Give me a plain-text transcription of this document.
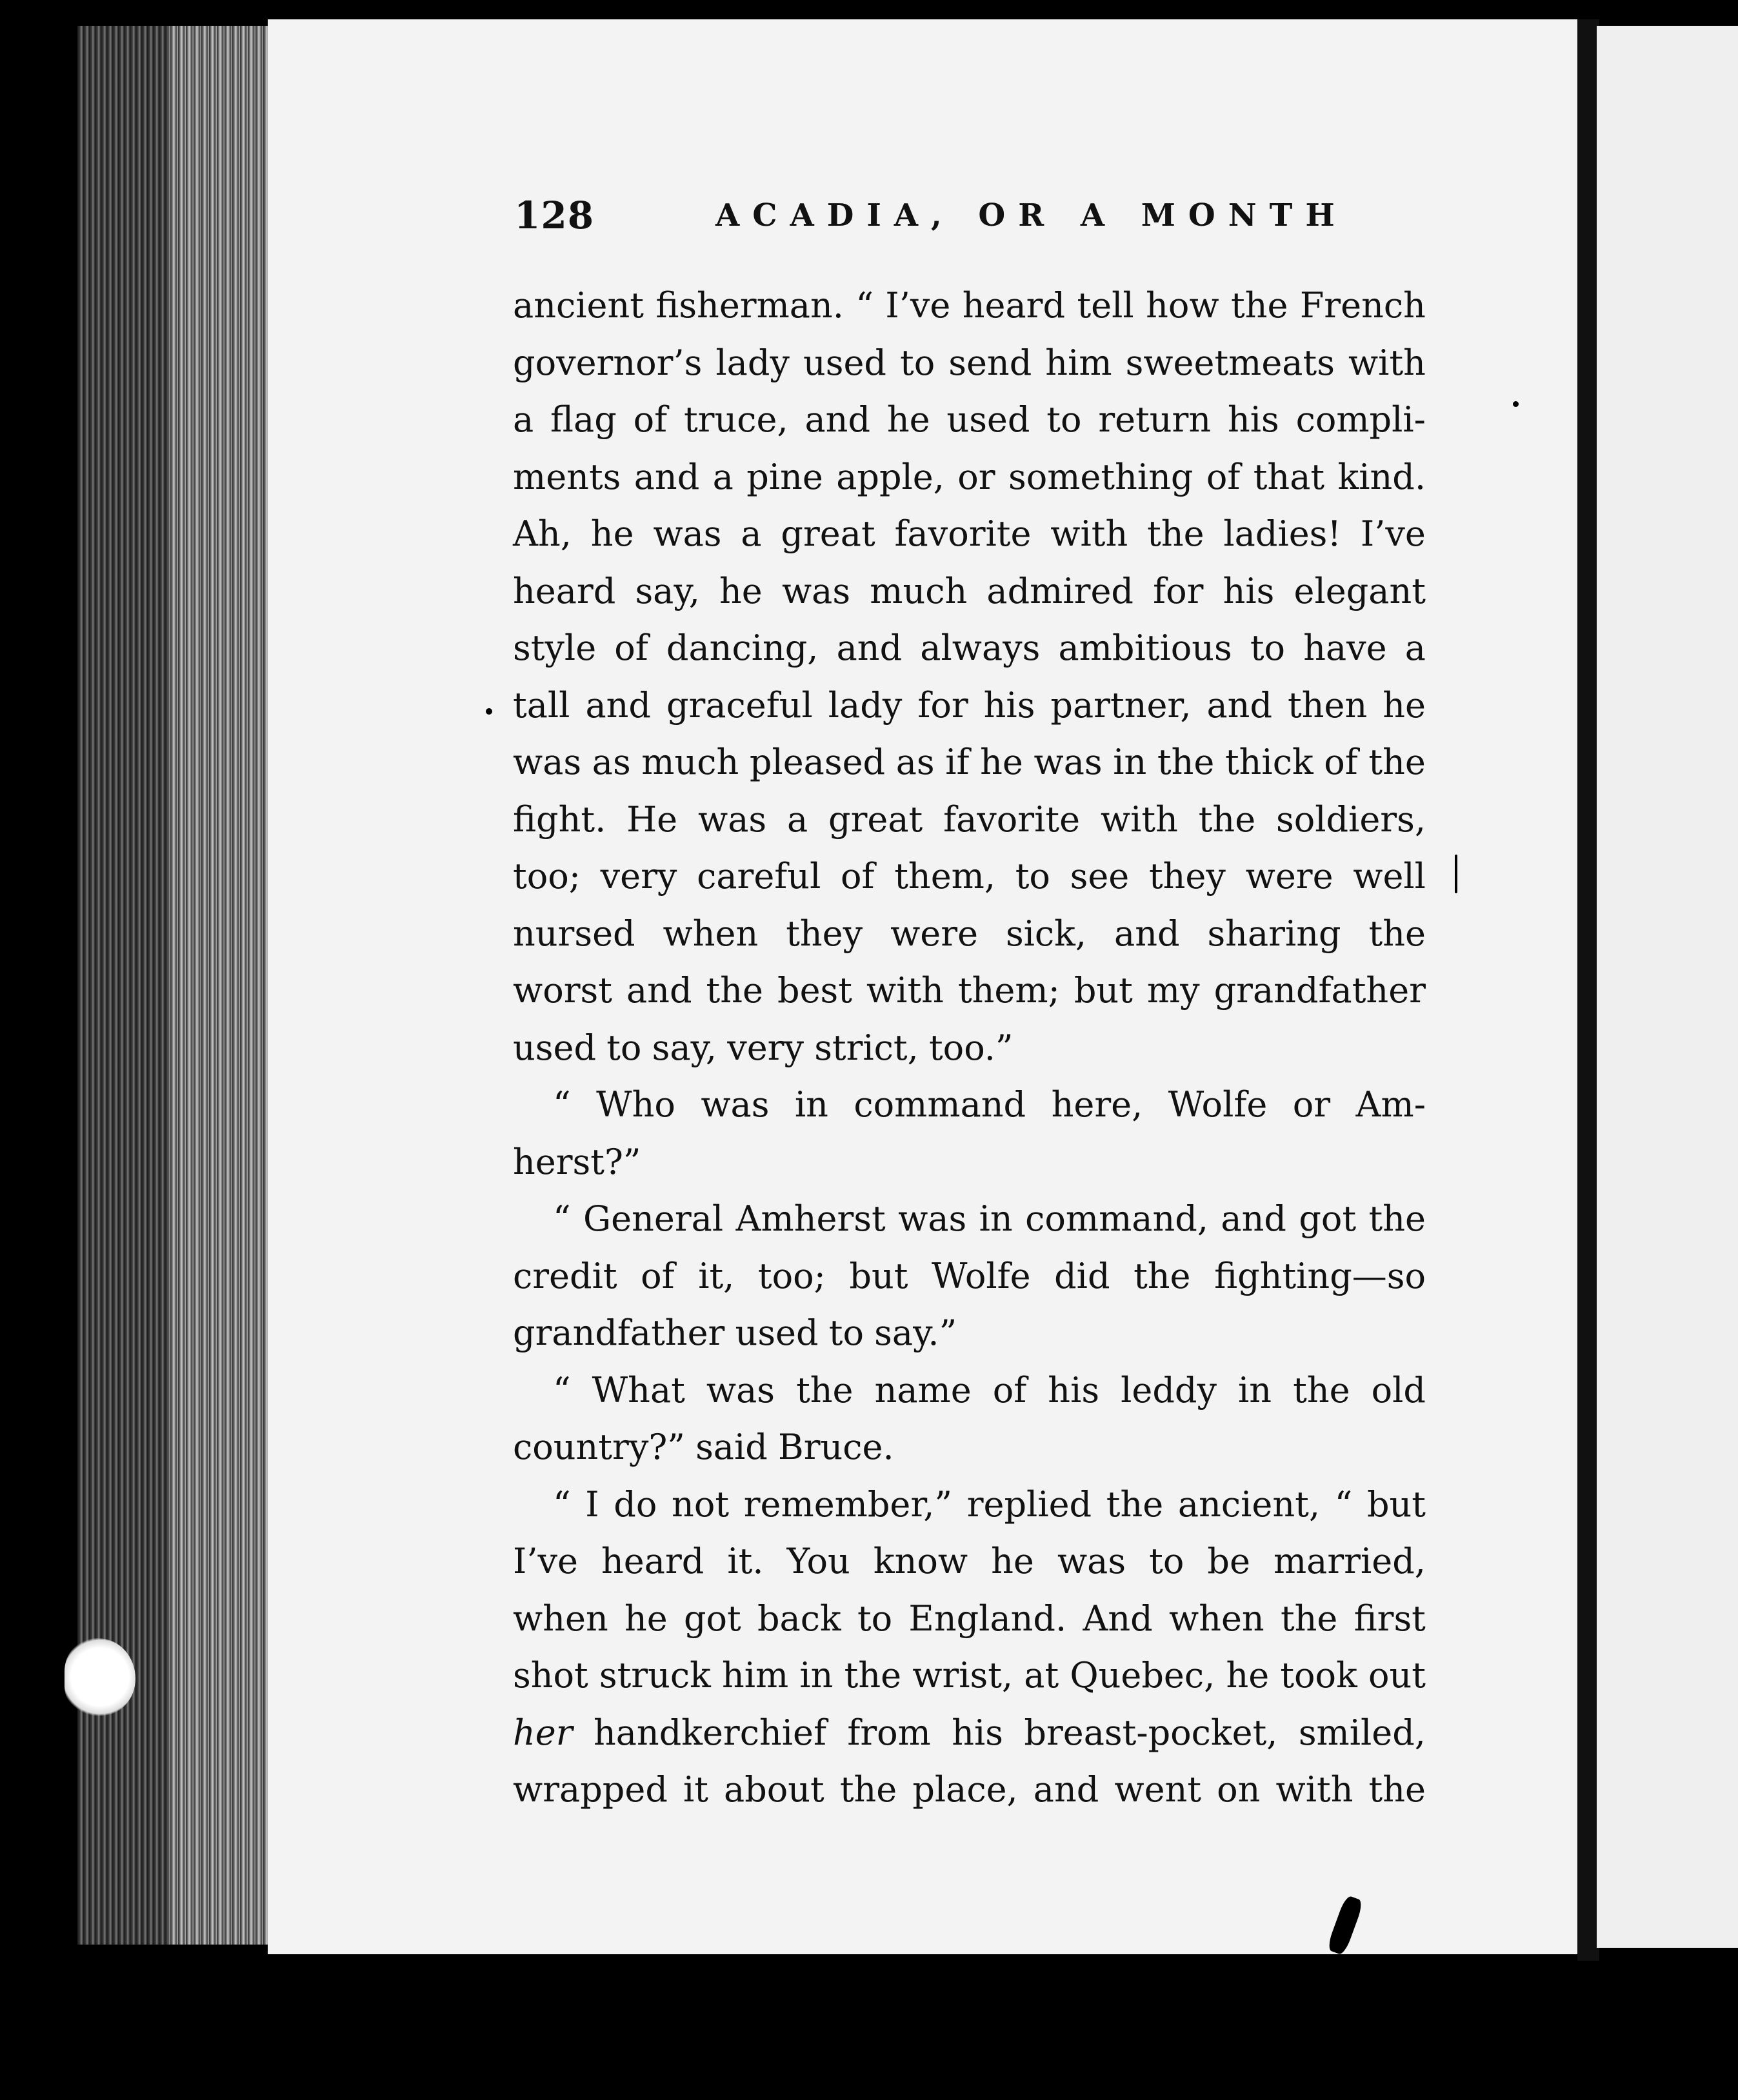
128	ACADIA, OR A MONTH
ancient fisherman. “ I’ve heard tell how the French
governor’s lady used to send him sweetmeats with
a flag of truce, and he used to return his compli-
ments and a pine apple, or something of that kind.
Ah, he was a great favorite with the ladies! I’ve
heard say, he was much admired for his elegant
style of dancing, and always ambitious to have a
tall and graceful lady for his partner, and then he
was as much pleased as if he was in the thick of the
fight. He was a great favorite with the soldiers,
too; very careful of them, to see they were well
nursed when they were sick, and sharing the
worst and the best with them; but my grandfather
used to say, very strict, too.”
“ Who was in command here, Wolfe or Am-
herst?”
“ General Amherst was in command, and got the
credit of it, too; but Wolfe did the fighting—so
grandfather used to say.”
“ What was the name of his leddy in the old
country?” said Bruce.
“ I do not remember,” replied the ancient, “ but
I’ve heard it. You know he was to be married,
when he got back to England. And when the first
shot struck him in the wrist, at Quebec, he took out
her handkerchief from his breast-pocket, smiled,
wrapped it about the place, and went on with the
